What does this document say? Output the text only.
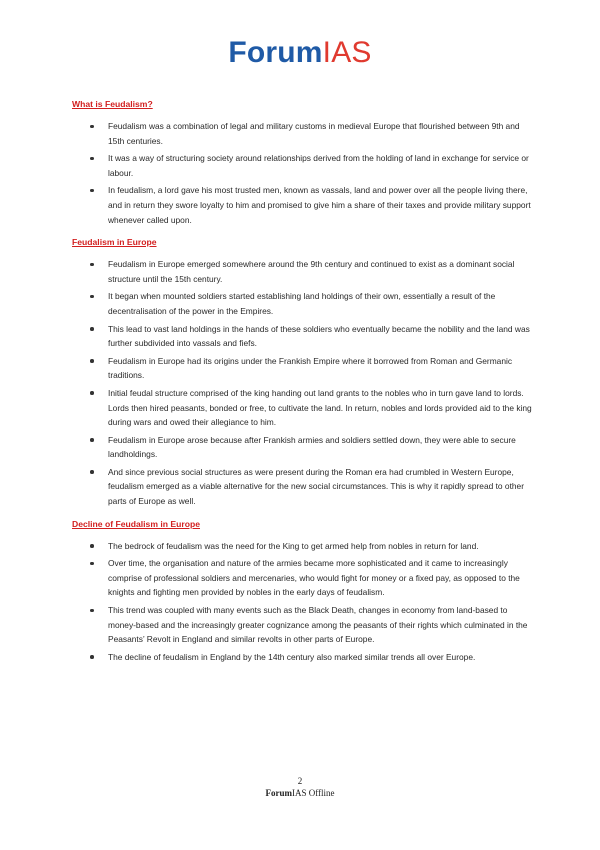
ForumIAS
What is Feudalism?
Feudalism was a combination of legal and military customs in medieval Europe that flourished between 9th and 15th centuries.
It was a way of structuring society around relationships derived from the holding of land in exchange for service or labour.
In feudalism, a lord gave his most trusted men, known as vassals, land and power over all the people living there, and in return they swore loyalty to him and promised to give him a share of their taxes and provide military support whenever called upon.
Feudalism in Europe
Feudalism in Europe emerged somewhere around the 9th century and continued to exist as a dominant social structure until the 15th century.
It began when mounted soldiers started establishing land holdings of their own, essentially a result of the decentralisation of the power in the Empires.
This lead to vast land holdings in the hands of these soldiers who eventually became the nobility and the land was further subdivided into vassals and fiefs.
Feudalism in Europe had its origins under the Frankish Empire where it borrowed from Roman and Germanic traditions.
Initial feudal structure comprised of the king handing out land grants to the nobles who in turn gave land to lords. Lords then hired peasants, bonded or free, to cultivate the land. In return, nobles and lords provided aid to the king during wars and owed their allegiance to him.
Feudalism in Europe arose because after Frankish armies and soldiers settled down, they were able to secure landholdings.
And since previous social structures as were present during the Roman era had crumbled in Western Europe, feudalism emerged as a viable alternative for the new social circumstances. This is why it rapidly spread to other parts of Europe as well.
Decline of Feudalism in Europe
The bedrock of feudalism was the need for the King to get armed help from nobles in return for land.
Over time, the organisation and nature of the armies became more sophisticated and it came to increasingly comprise of professional soldiers and mercenaries, who would fight for money or a fixed pay, as opposed to the knights and fighting men provided by nobles in the early days of feudalism.
This trend was coupled with many events such as the Black Death, changes in economy from land-based to money-based and the increasingly greater cognizance among the peasants of their rights which culminated in the Peasants’ Revolt in England and similar revolts in other parts of Europe.
The decline of feudalism in England by the 14th century also marked similar trends all over Europe.
2
ForumIAS Offline
